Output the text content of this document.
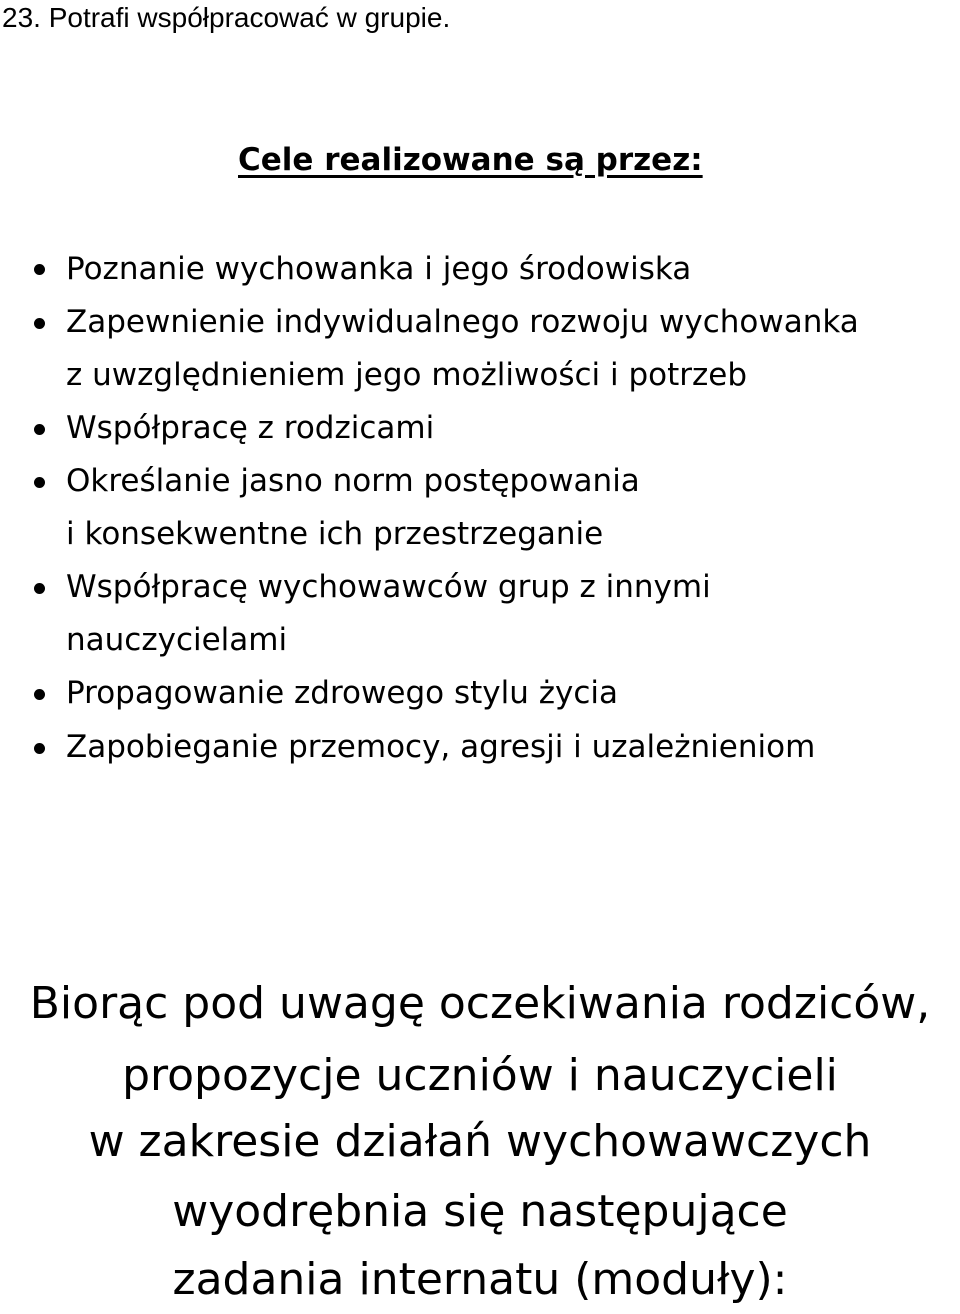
23. Potrafi współpracować w grupie.
Cele realizowane są przez:
Poznanie wychowanka i jego środowiska
Zapewnienie indywidualnego rozwoju wychowanka
z uwzględnieniem jego możliwości i potrzeb
Współpracę z rodzicami
Określanie jasno norm postępowania
i konsekwentne ich przestrzeganie
Współpracę wychowawców grup z innymi
nauczycielami
Propagowanie zdrowego stylu życia
Zapobieganie przemocy, agresji i uzależnieniom
Biorąc pod uwagę oczekiwania rodziców,
propozycje uczniów i nauczycieli
w zakresie działań wychowawczych
wyodrębnia się następujące
zadania internatu (moduły):
